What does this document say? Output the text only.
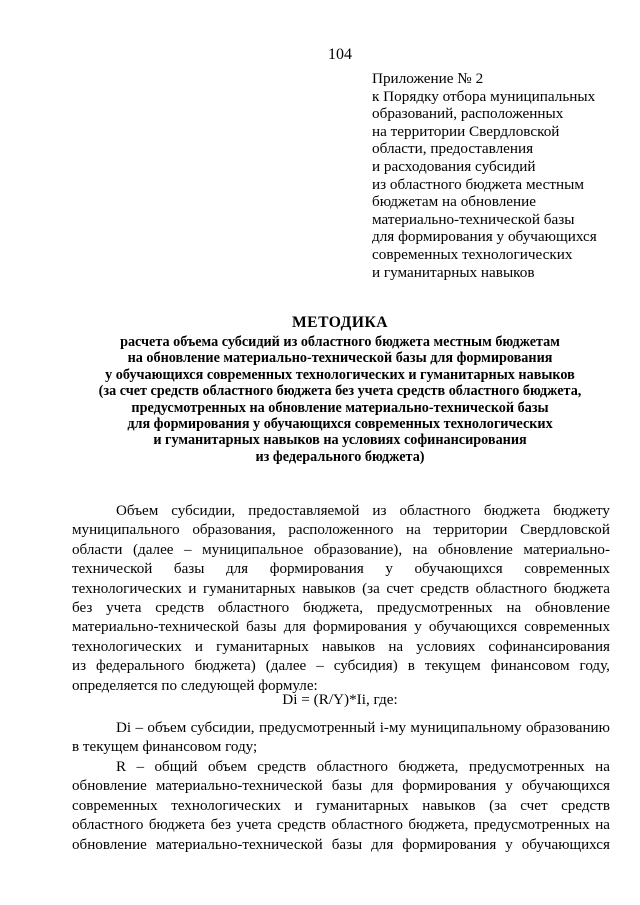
104
Приложение № 2
к Порядку отбора муниципальных
образований, расположенных
на территории Свердловской
области, предоставления
и расходования субсидий
из областного бюджета местным
бюджетам на обновление
материально-технической базы
для формирования у обучающихся
современных технологических
и гуманитарных навыков
МЕТОДИКА
расчета объема субсидий из областного бюджета местным бюджетам
на обновление материально-технической базы для формирования
у обучающихся современных технологических и гуманитарных навыков
(за счет средств областного бюджета без учета средств областного бюджета,
предусмотренных на обновление материально-технической базы
для формирования у обучающихся современных технологических
и гуманитарных навыков на условиях софинансирования
из федерального бюджета)
Объем субсидии, предоставляемой из областного бюджета бюджету
муниципального образования, расположенного на территории Свердловской
области (далее – муниципальное образование), на обновление материально-
технической базы для формирования у обучающихся современных
технологических и гуманитарных навыков (за счет средств областного бюджета
без учета средств областного бюджета, предусмотренных на обновление
материально-технической базы для формирования у обучающихся современных
технологических и гуманитарных навыков на условиях софинансирования
из федерального бюджета) (далее – субсидия) в текущем финансовом году,
определяется по следующей формуле:
Di = (R/Y)*Ii, где:
Di – объем субсидии, предусмотренный i-му муниципальному образованию
в текущем финансовом году;
R – общий объем средств областного бюджета, предусмотренных на
обновление материально-технической базы для формирования у обучающихся
современных технологических и гуманитарных навыков (за счет средств
областного бюджета без учета средств областного бюджета, предусмотренных на
обновление материально-технической базы для формирования у обучающихся
